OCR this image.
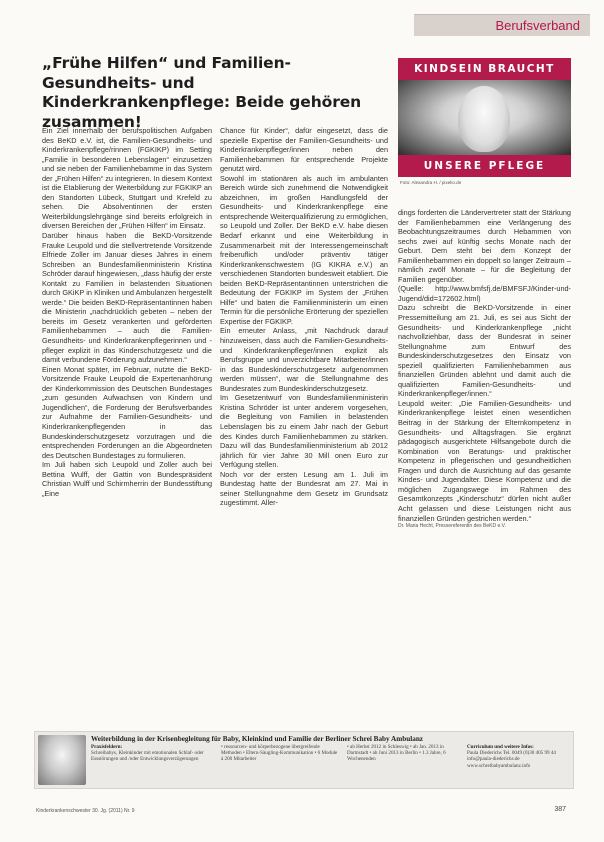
Berufsverband
„Frühe Hilfen“ und Familien-Gesundheits- und Kinderkrankenpflege: Beide gehören zusammen!
KINDSEIN BRAUCHT
UNSERE PFLEGE
Foto: Alexandra H. / pixelio.de

Ein Ziel innerhalb der berufspolitischen Aufgaben des BeKD e.V. ist, die Familien-Gesundheits- und Kinderkrankenpflege/rinnen (FGKIKP) im Setting „Familie in besonderen Lebenslagen“ einzusetzen und sie neben der Familienhebamme in das System der „Frühen Hilfen“ zu integrieren. In diesem Kontext ist die Etablierung der Weiterbildung zur FGKIKP an den Standorten Lübeck, Stuttgart und Krefeld zu sehen. Die Absolventinnen der ersten Weiterbildungslehrgänge sind bereits erfolgreich in diversen Bereichen der „Frühen Hilfen“ im Einsatz.

Darüber hinaus haben die BeKD-Vorsitzende Frauke Leupold und die stellvertretende Vorsitzende Elfriede Zoller im Januar dieses Jahres in einem Schreiben an Bundesfamilienministerin Kristina Schröder darauf hingewiesen, „dass häufig der erste Kontakt zu Familien in belastenden Situationen durch GKiKP in Kliniken und Ambulanzen hergestellt werde.“ Die beiden BeKD-Repräsentantinnen haben die Ministerin „nachdrücklich gebeten – neben der bereits im Gesetz verankerten und geförderten Familienhebammen – auch die Familien-Gesundheits- und Kinderkrankenpflegerinnen und -pfleger explizit in das Kinderschutzgesetz und die damit verbundene Förderung aufzunehmen.“

Einen Monat später, im Februar, nutzte die BeKD-Vorsitzende Frauke Leupold die Expertenanhörung der Kinderkommission des Deutschen Bundestages „zum gesunden Aufwachsen von Kindern und Jugendlichen“, die Forderung der Berufsverbandes zur Aufnahme der Familien-Gesundheits- und Kinderkrankenpflegenden in das Bundeskinderschutzgesetz vorzutragen und die entsprechenden Forderungen an die Abgeordneten des Deutschen Bundestages zu formulieren.

Im Juli haben sich Leupold und Zoller auch bei Bettina Wulff, der Gattin von Bundespräsident Christian Wulff und Schirmherrin der Bundesstiftung „Eine

Chance für Kinder“, dafür eingesetzt, dass die spezielle Expertise der Familien-Gesundheits- und Kinderkrankenpfleger/innen neben den Familienhebammen für entsprechende Projekte genutzt wird.

Sowohl im stationären als auch im ambulanten Bereich würde sich zunehmend die Notwendigkeit abzeichnen, im großen Handlungsfeld der Gesundheits- und Kinderkrankenpflege eine entsprechende Weiterqualifizierung zu ermöglichen, so Leupold und Zoller. Der BeKD e.V. habe diesen Bedarf erkannt und eine Weiterbildung in Zusammenarbeit mit der Interessengemeinschaft freiberuflich und/oder präventiv tätiger Kinderkrankenschwestern (IG KIKRA e.V.) an verschiedenen Standorten bundesweit etabliert. Die beiden BeKD-Repräsentantinnen unterstrichen die Bedeutung der FGKIKP im System der „Frühen Hilfe“ und baten die Familienministerin um einen Termin für die persönliche Erörterung der speziellen Expertise der FGKIKP.

Ein erneuter Anlass, „mit Nachdruck darauf hinzuweisen, dass auch die Familien-Gesundheits- und Kinderkrankenpfleger/innen explizit als Berufsgruppe und unverzichtbare Mitarbeiter/innen in das Bundeskinderschutzgesetz aufgenommen werden müssen“, war die Stellungnahme des Bundesrates zum Bundeskinderschutzgesetz.

Im Gesetzentwurf von Bundesfamilienministerin Kristina Schröder ist unter anderem vorgesehen, die Begleitung von Familien in belastenden Lebenslagen bis zu einem Jahr nach der Geburt des Kindes durch Familienhebammen zu stärken. Dazu will das Bundesfamilienministerium ab 2012 jährlich für vier Jahre 30 Mill onen Euro zur Verfügung stellen.

Noch vor der ersten Lesung am 1. Juli im Bundestag hatte der Bundesrat am 27. Mai in seiner Stellungnahme dem Gesetz im Grundsatz zugestimmt. Aller-

dings forderten die Ländervertreter statt der Stärkung der Familienhebammen eine Verlängerung des Beobachtungszeitraumes durch Hebammen von sechs zwei auf künftig sechs Monate nach der Geburt. Dem steht bei dem Konzept der Familienhebammen ein doppelt so langer Zeitraum – nämlich zwölf Monate – für die Begleitung der Familien gegenüber.

(Quelle: http://www.bmfsfj.de/BMFSFJ/Kinder-und-Jugend/did=172602.html)

Dazu schreibt die BeKD-Vorsitzende in einer Pressemitteilung am 21. Juli, es sei aus Sicht der Gesundheits- und Kinderkrankenpflege „nicht nachvollziehbar, dass der Bundesrat in seiner Stellungnahme zum Entwurf des Bundeskinderschutzgesetzes den Einsatz von speziell qualifizierten Familienhebammen aus finanziellen Gründen ablehnt und damit auch die qualifizierten Familien-Gesundheits- und Kinderkrankenpfleger/innen.“

Leupold weiter: „Die Familien-Gesundheits- und Kinderkrankenpflege leistet einen wesentlichen Beitrag in der Stärkung der Elternkompetenz in Gesundheits- und Alltagsfragen. Sie ergänzt pädagogisch ausgerichtete Hilfsangebote durch die Kombination von Beratungs- und praktischer Kompetenz in pflegerischen und gesundheitlichen Fragen und durch die Ausrichtung auf das gesamte Kindes- und Jugendalter. Diese Kompetenz und die möglichen Zugangswege im Rahmen des Gesamtkonzepts „Kinderschutz“ dürfen nicht außer Acht gelassen und diese Leistungen nicht aus finanziellen Gründen gestrichen werden.“

Dr. Maria Hecht, Pressereferentin des BeKD e.V.

Weiterbildung in der Krisenbegleitung für Baby, Kleinkind und Familie der Berliner Schrei Baby Ambulanz
Praxisfeldern:
Schreibabys, Kleinkinder mit emotionalen Schlaf- oder Essstörungen und /oder Entwicklungsverzögerungen
• ressourcen- und körperbezogene übergreifende Methoden • Eltern-Säugling-Kommunikation • 6 Module á 200 Mitarbeiter
• ab Herbst 2012 in Schleswig • ab Jan. 2013 in Darmstadt • ab Juni 2013 in Berlin • 1.3 Jahre, 6 Wochenenden
Curriculum und weitere Infos:
Paula Diederichs Tel. 0049 (0)30 405 99 44 info@paula-diederichs.de www.schreibabyambulanz.info
Kinderkrankenschwester 30. Jg. (2011) Nr. 9	387
